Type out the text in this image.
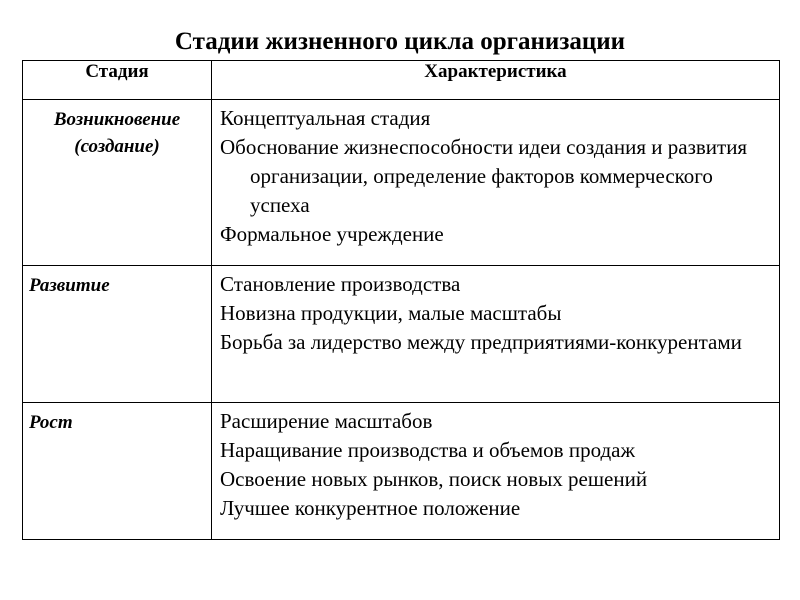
Стадии жизненного цикла организации
Стадия	Характеристика
Возникновение
(создание)	Концептуальная стадия
Обоснование жизнеспособности идеи создания и развития организации, определение факторов коммерческого успеха
Формальное учреждение

Развитие	Становление производства
Новизна продукции, малые масштабы
Борьба за лидерство между предприятиями-конкурентами

Рост	Расширение масштабов
Наращивание производства и объемов продаж
Освоение новых рынков, поиск новых решений
Лучшее конкурентное положение
